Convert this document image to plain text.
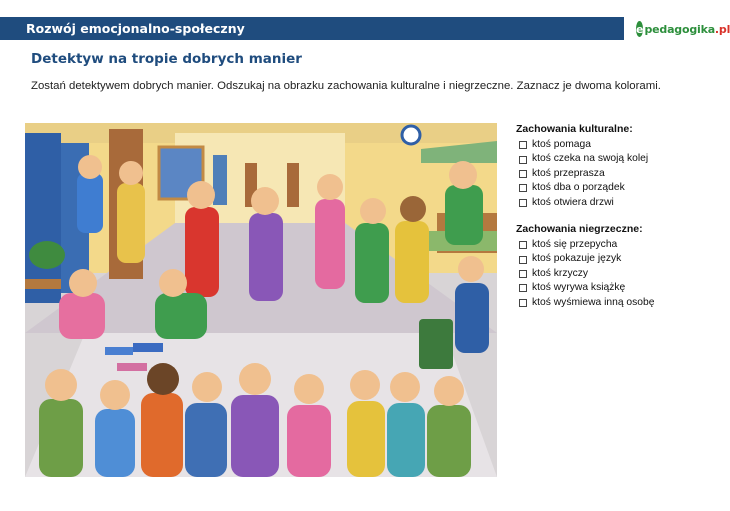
Rozwój emocjonalno-społeczny	e pedagogika.pl
Detektyw na tropie dobrych manier
Zostań detektywem dobrych manier. Odszukaj na obrazku zachowania kulturalne i niegrzeczne. Zaznacz je dwoma kolorami.
Zachowania kulturalne:
ktoś pomaga
ktoś czeka na swoją kolej
ktoś przeprasza
ktoś dba o porządek
ktoś otwiera drzwi
Zachowania niegrzeczne:
ktoś się przepycha
ktoś pokazuje język
ktoś krzyczy
ktoś wyrywa książkę
ktoś wyśmiewa inną osobę
